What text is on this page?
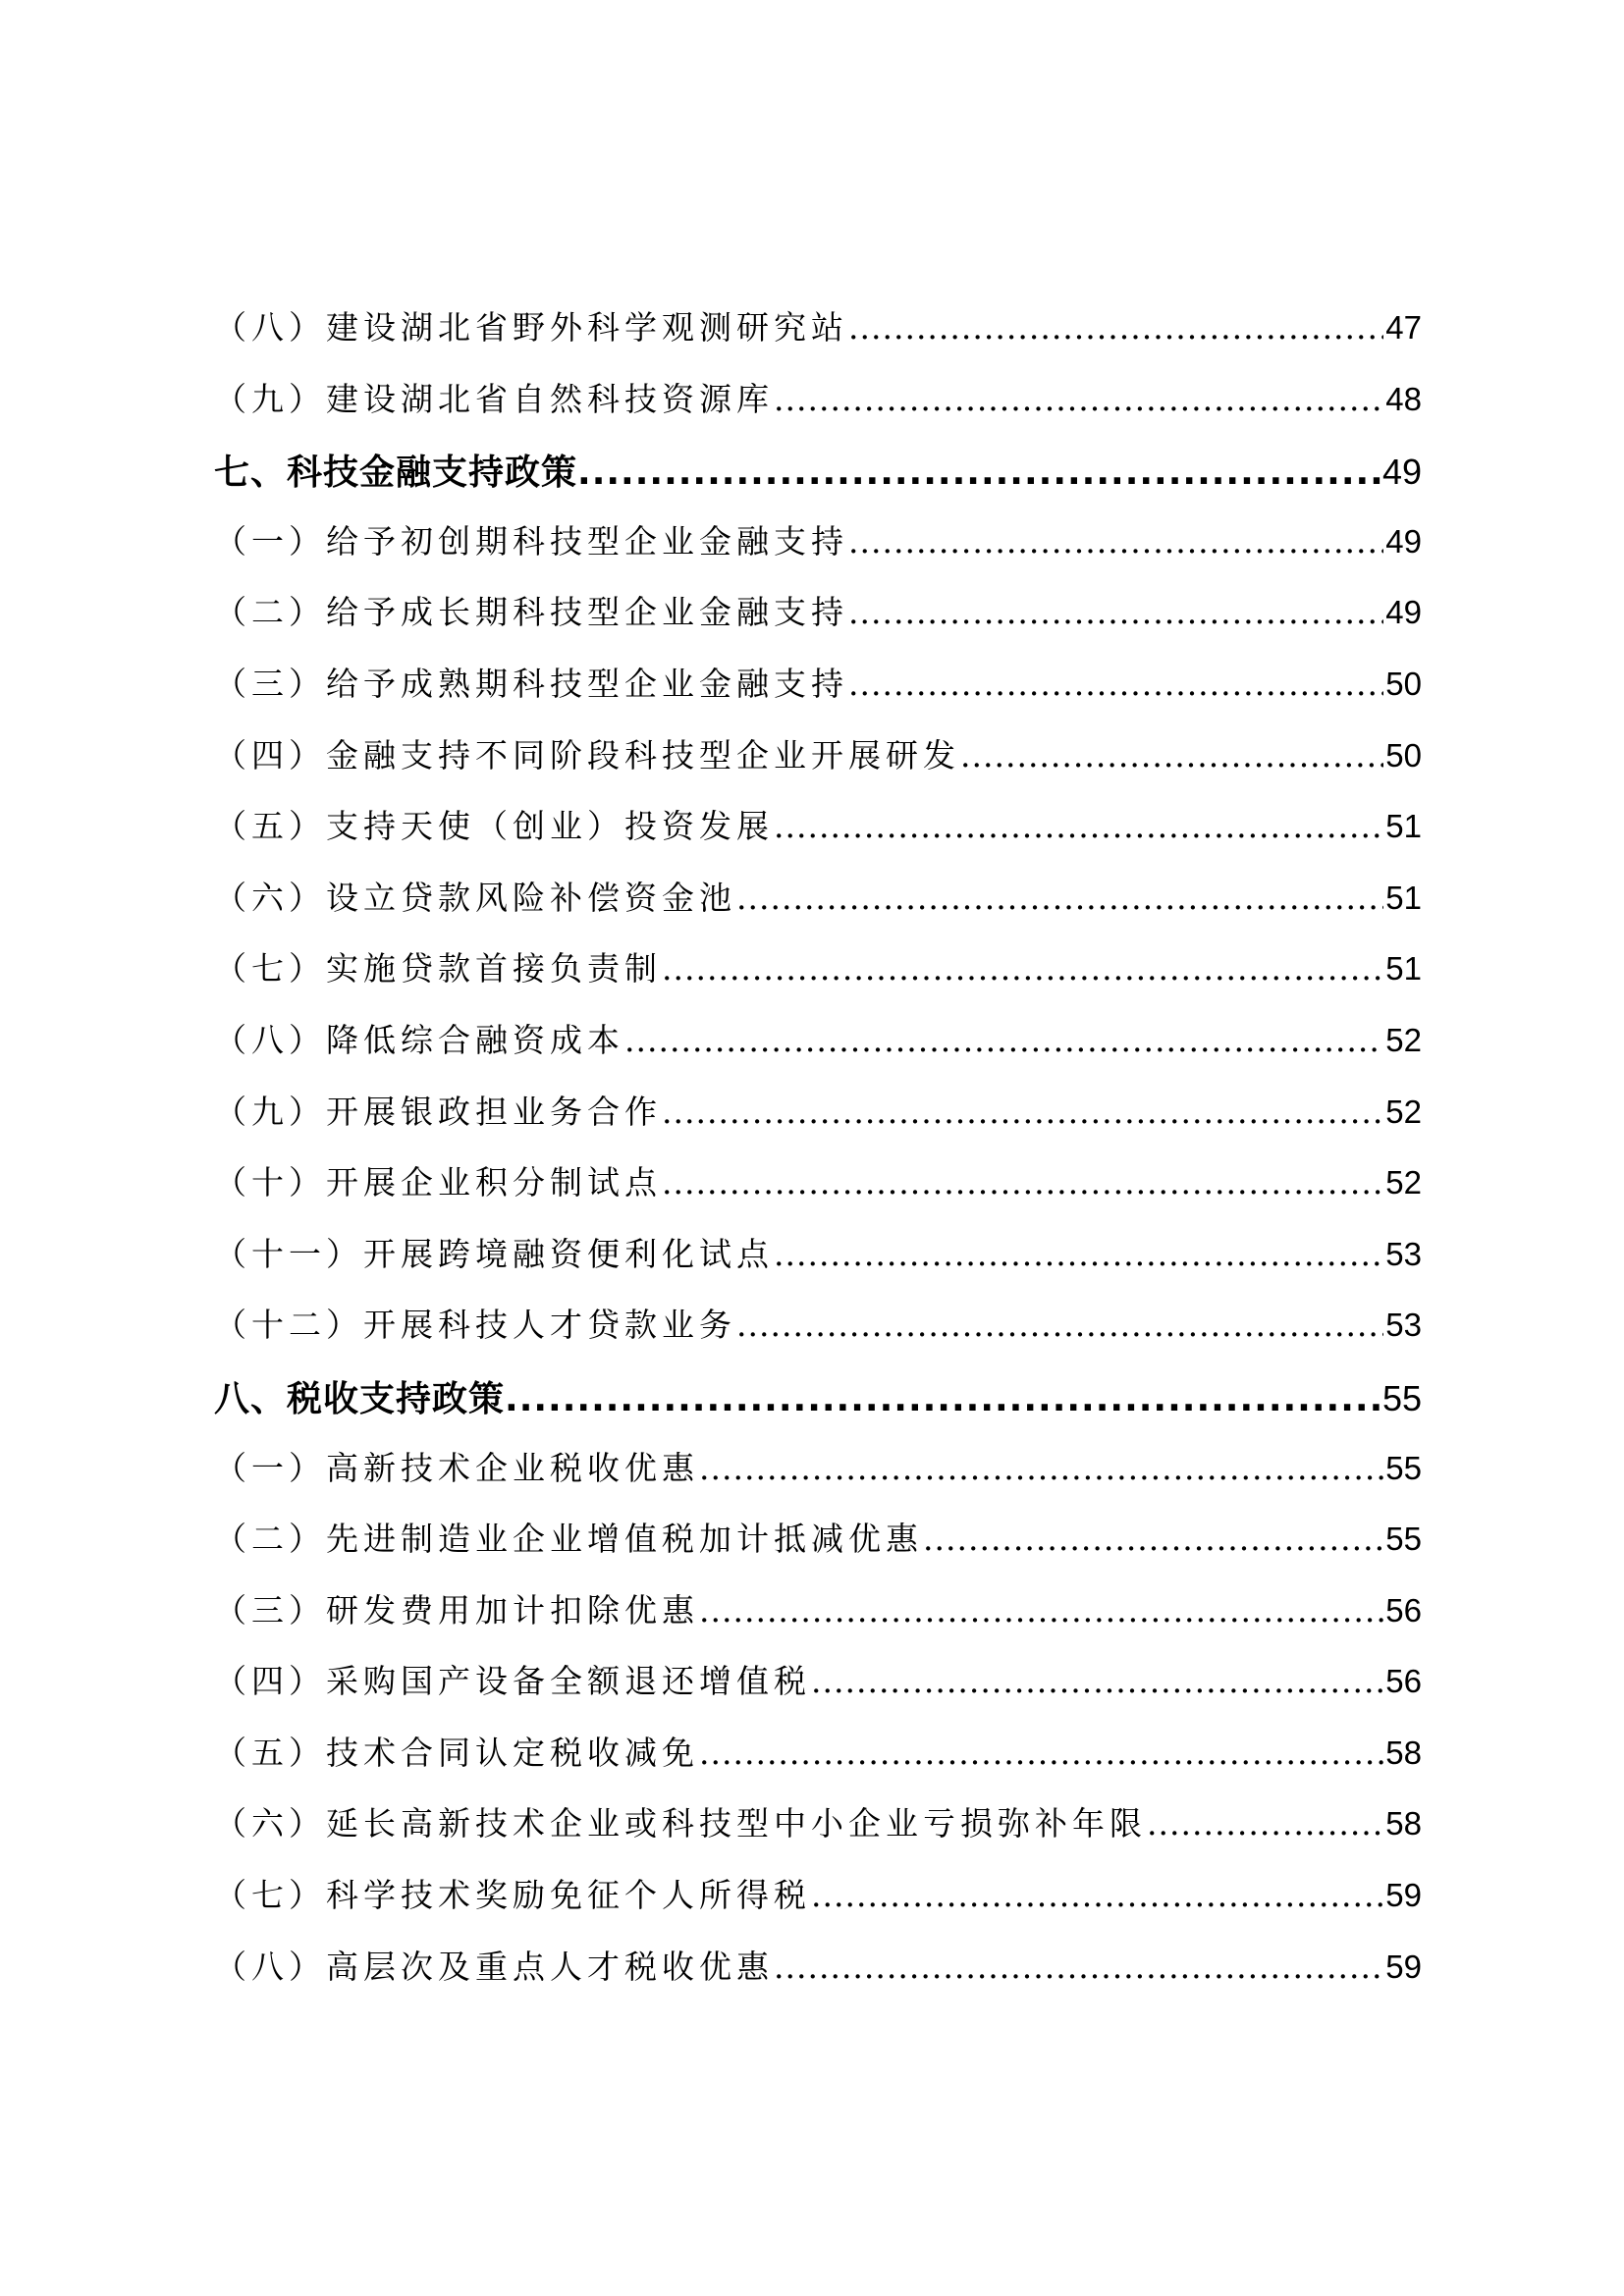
（八）建设湖北省野外科学观测研究站 .....	47
（九）建设湖北省自然科技资源库 .....	48
七、科技金融支持政策 .....	49
（一）给予初创期科技型企业金融支持 .....	49
（二）给予成长期科技型企业金融支持 .....	49
（三）给予成熟期科技型企业金融支持 .....	50
（四）金融支持不同阶段科技型企业开展研发 .....	50
（五）支持天使（创业）投资发展 .....	51
（六）设立贷款风险补偿资金池 .....	51
（七）实施贷款首接负责制 .....	51
（八）降低综合融资成本 .....	52
（九）开展银政担业务合作 .....	52
（十）开展企业积分制试点 .....	52
（十一）开展跨境融资便利化试点 .....	53
（十二）开展科技人才贷款业务 .....	53
八、税收支持政策 .....	55
（一）高新技术企业税收优惠 .....	55
（二）先进制造业企业增值税加计抵减优惠 .....	55
（三）研发费用加计扣除优惠 .....	56
（四）采购国产设备全额退还增值税 .....	56
（五）技术合同认定税收减免 .....	58
（六）延长高新技术企业或科技型中小企业亏损弥补年限 .....	58
（七）科学技术奖励免征个人所得税 .....	59
（八）高层次及重点人才税收优惠 .....	59
